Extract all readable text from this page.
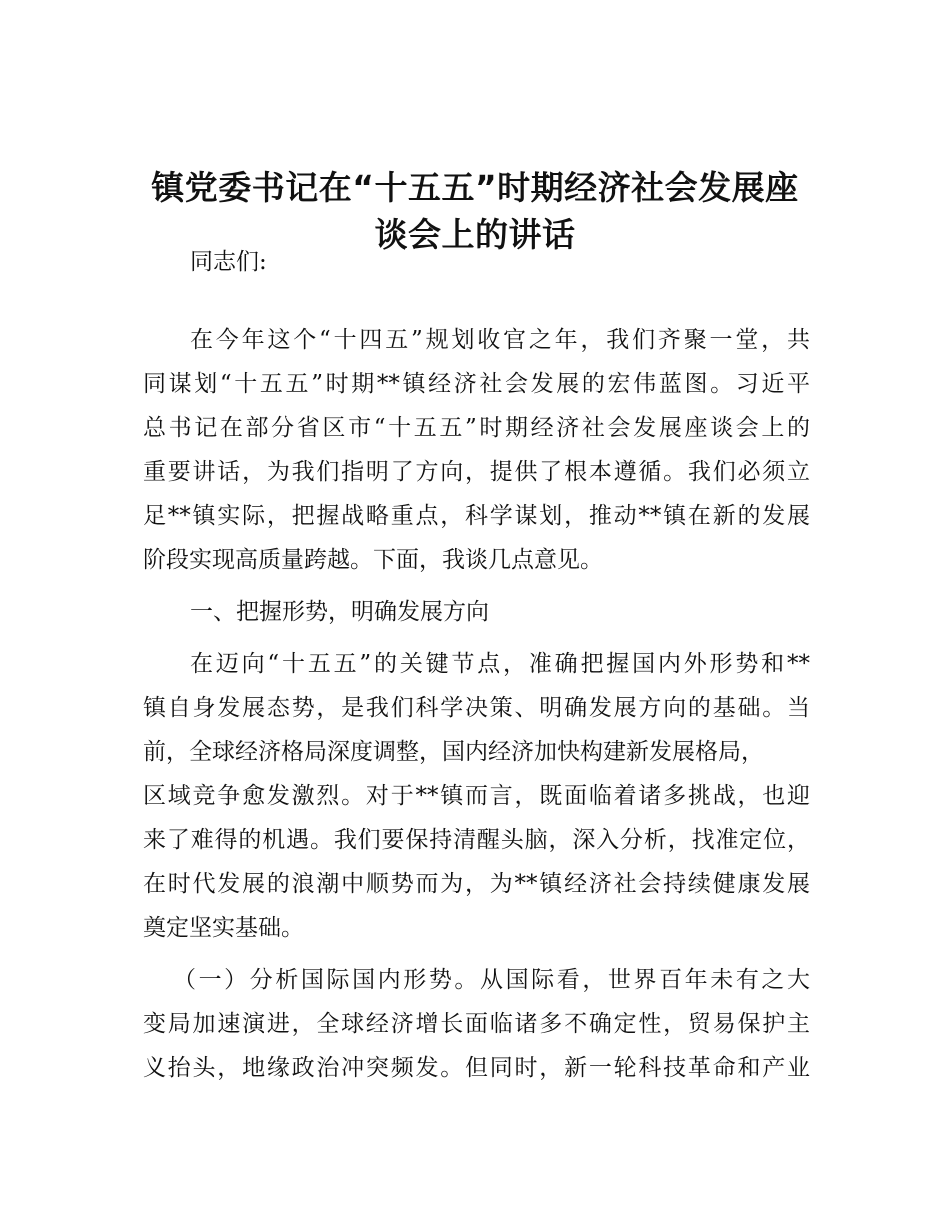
镇党委书记在“十五五”时期经济社会发展座
谈会上的讲话
同志们:
在今年这个“十四五”规划收官之年，我们齐聚一堂，共
同谋划“十五五”时期**镇经济社会发展的宏伟蓝图。习近平
总书记在部分省区市“十五五”时期经济社会发展座谈会上的
重要讲话，为我们指明了方向，提供了根本遵循。我们必须立
足**镇实际，把握战略重点，科学谋划，推动**镇在新的发展
阶段实现高质量跨越。下面，我谈几点意见。
一、把握形势，明确发展方向
在迈向“十五五”的关键节点，准确把握国内外形势和**
镇自身发展态势，是我们科学决策、明确发展方向的基础。当
前，全球经济格局深度调整，国内经济加快构建新发展格局，
区域竞争愈发激烈。对于**镇而言，既面临着诸多挑战，也迎
来了难得的机遇。我们要保持清醒头脑，深入分析，找准定位，
在时代发展的浪潮中顺势而为，为**镇经济社会持续健康发展
奠定坚实基础。
（一）分析国际国内形势。从国际看，世界百年未有之大
变局加速演进，全球经济增长面临诸多不确定性，贸易保护主
义抬头，地缘政治冲突频发。但同时，新一轮科技革命和产业
